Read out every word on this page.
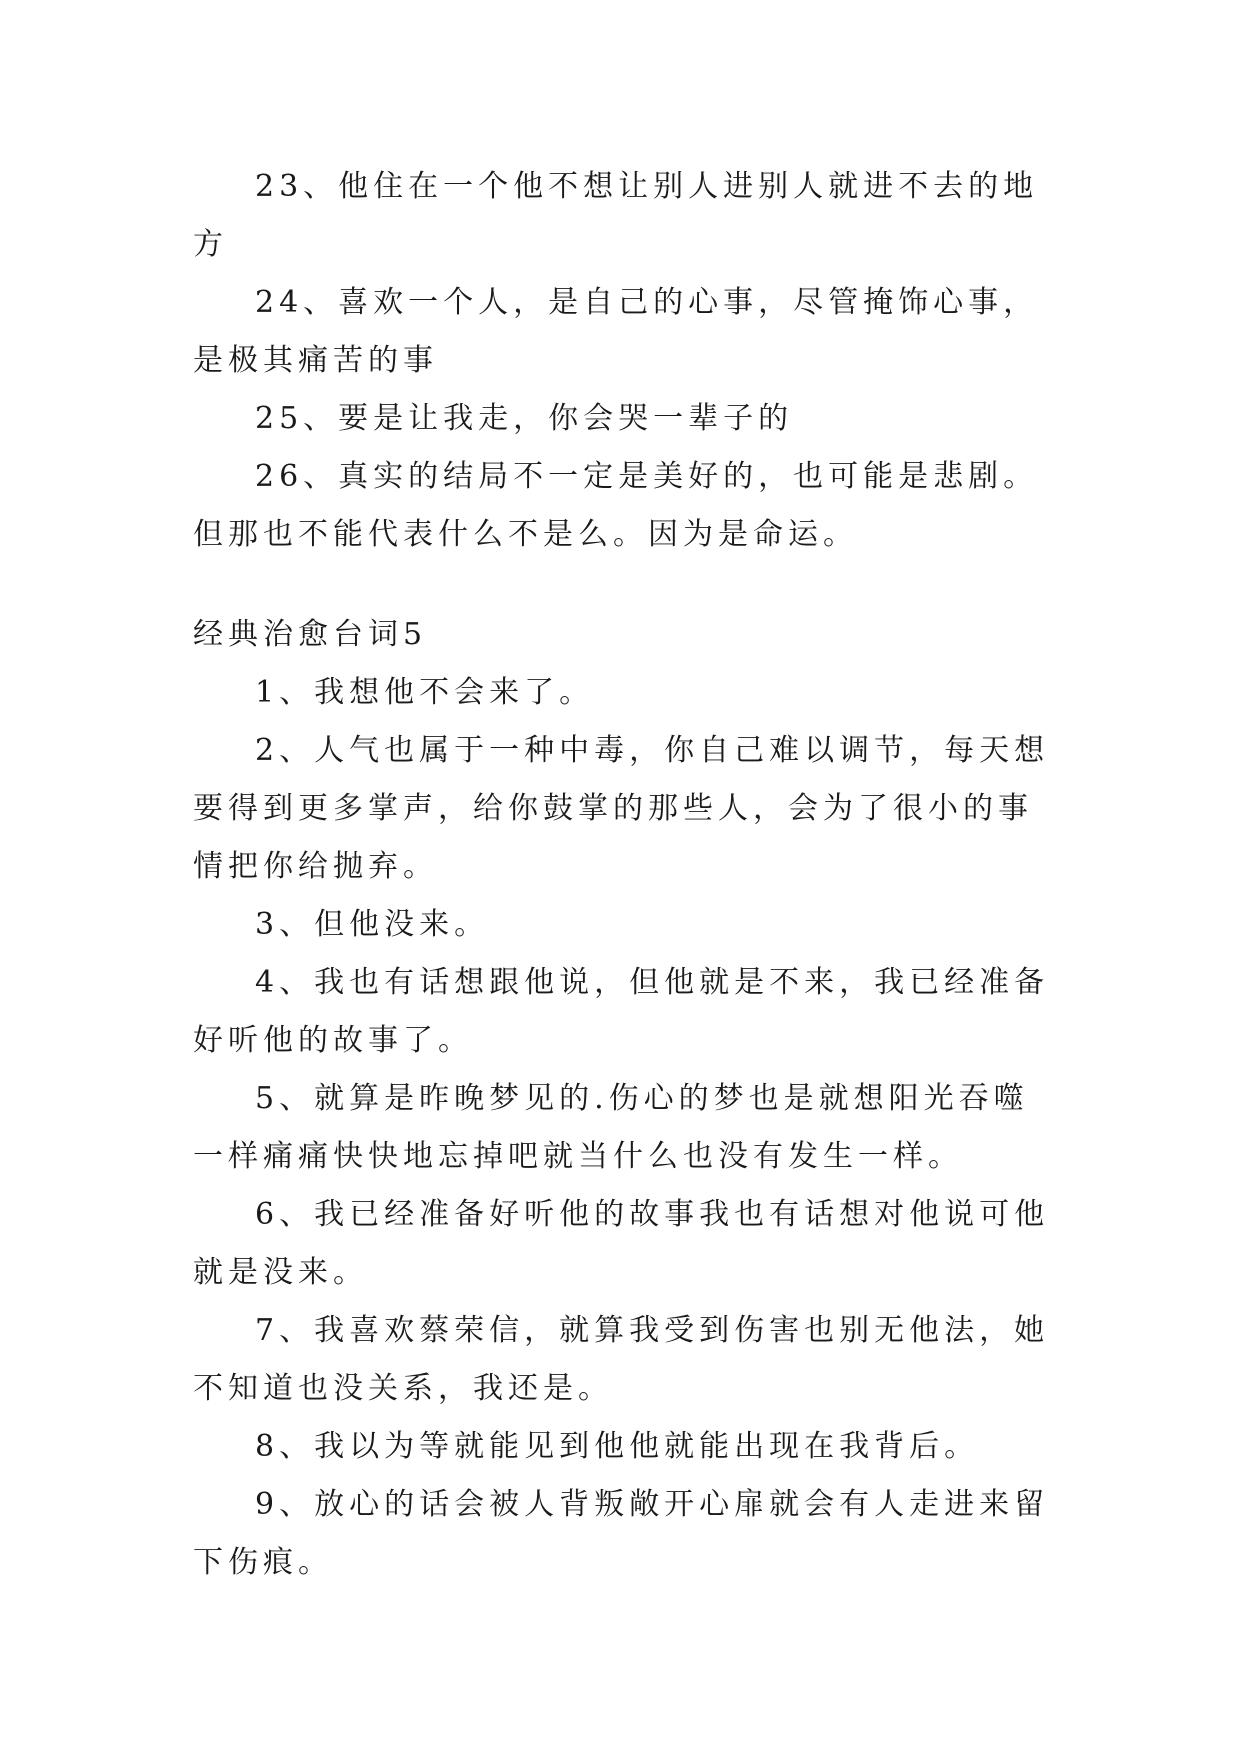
23、他住在一个他不想让别人进别人就进不去的地方

24、喜欢一个人，是自己的心事，尽管掩饰心事，是极其痛苦的事

25、要是让我走，你会哭一辈子的

26、真实的结局不一定是美好的，也可能是悲剧。但那也不能代表什么不是么。因为是命运。

经典治愈台词5

1、我想他不会来了。

2、人气也属于一种中毒，你自己难以调节，每天想要得到更多掌声，给你鼓掌的那些人，会为了很小的事情把你给抛弃。

3、但他没来。

4、我也有话想跟他说，但他就是不来，我已经准备好听他的故事了。

5、就算是昨晚梦见的.伤心的梦也是就想阳光吞噬一样痛痛快快地忘掉吧就当什么也没有发生一样。

6、我已经准备好听他的故事我也有话想对他说可他就是没来。

7、我喜欢蔡荣信，就算我受到伤害也别无他法，她不知道也没关系，我还是。

8、我以为等就能见到他他就能出现在我背后。

9、放心的话会被人背叛敞开心扉就会有人走进来留下伤痕。
